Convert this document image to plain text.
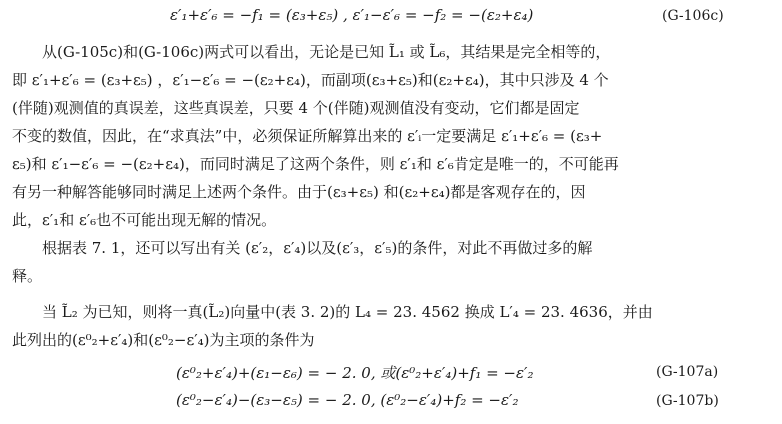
ε′₁+ε′₆ = −f₁ = (ε₃+ε₅) , ε′₁−ε′₆ = −f₂ = −(ε₂+ε₄)	(G-106c)
从(G-105c)和(G-106c)两式可以看出，无论是已知 L̃₁ 或 L̃₆，其结果是完全相等的，
即 ε′₁+ε′₆ = (ε₃+ε₅) ，ε′₁−ε′₆ = −(ε₂+ε₄)，而副项(ε₃+ε₅)和(ε₂+ε₄)，其中只涉及 4 个
(伴随)观测值的真误差，这些真误差，只要 4 个(伴随)观测值没有变动，它们都是固定
不变的数值，因此，在“求真法”中，必须保证所解算出来的 ε′ᵢ一定要满足 ε′₁+ε′₆ = (ε₃+
ε₅)和 ε′₁−ε′₆ = −(ε₂+ε₄)，而同时满足了这两个条件，则 ε′₁和 ε′₆肯定是唯一的，不可能再
有另一种解答能够同时满足上述两个条件。由于(ε₃+ε₅) 和(ε₂+ε₄)都是客观存在的，因
此，ε′₁和 ε′₆也不可能出现无解的情况。
根据表 7. 1，还可以写出有关 (ε′₂，ε′₄)以及(ε′₃，ε′₅)的条件，对此不再做过多的解
释。
当 L̃₂ 为已知，则将一真(L̃₂)向量中(表 3. 2)的 L₄ = 23. 4562 换成 L′₄ = 23. 4636，并由
此列出的(ε⁰₂+ε′₄)和(ε⁰₂−ε′₄)为主项的条件为
(ε⁰₂+ε′₄)+(ε₁−ε₆) = − 2. 0, 或(ε⁰₂+ε′₄)+f₁ = −ε′₂	(G-107a)
(ε⁰₂−ε′₄)−(ε₃−ε₅) = − 2. 0, (ε⁰₂−ε′₄)+f₂ = −ε′₂	(G-107b)
